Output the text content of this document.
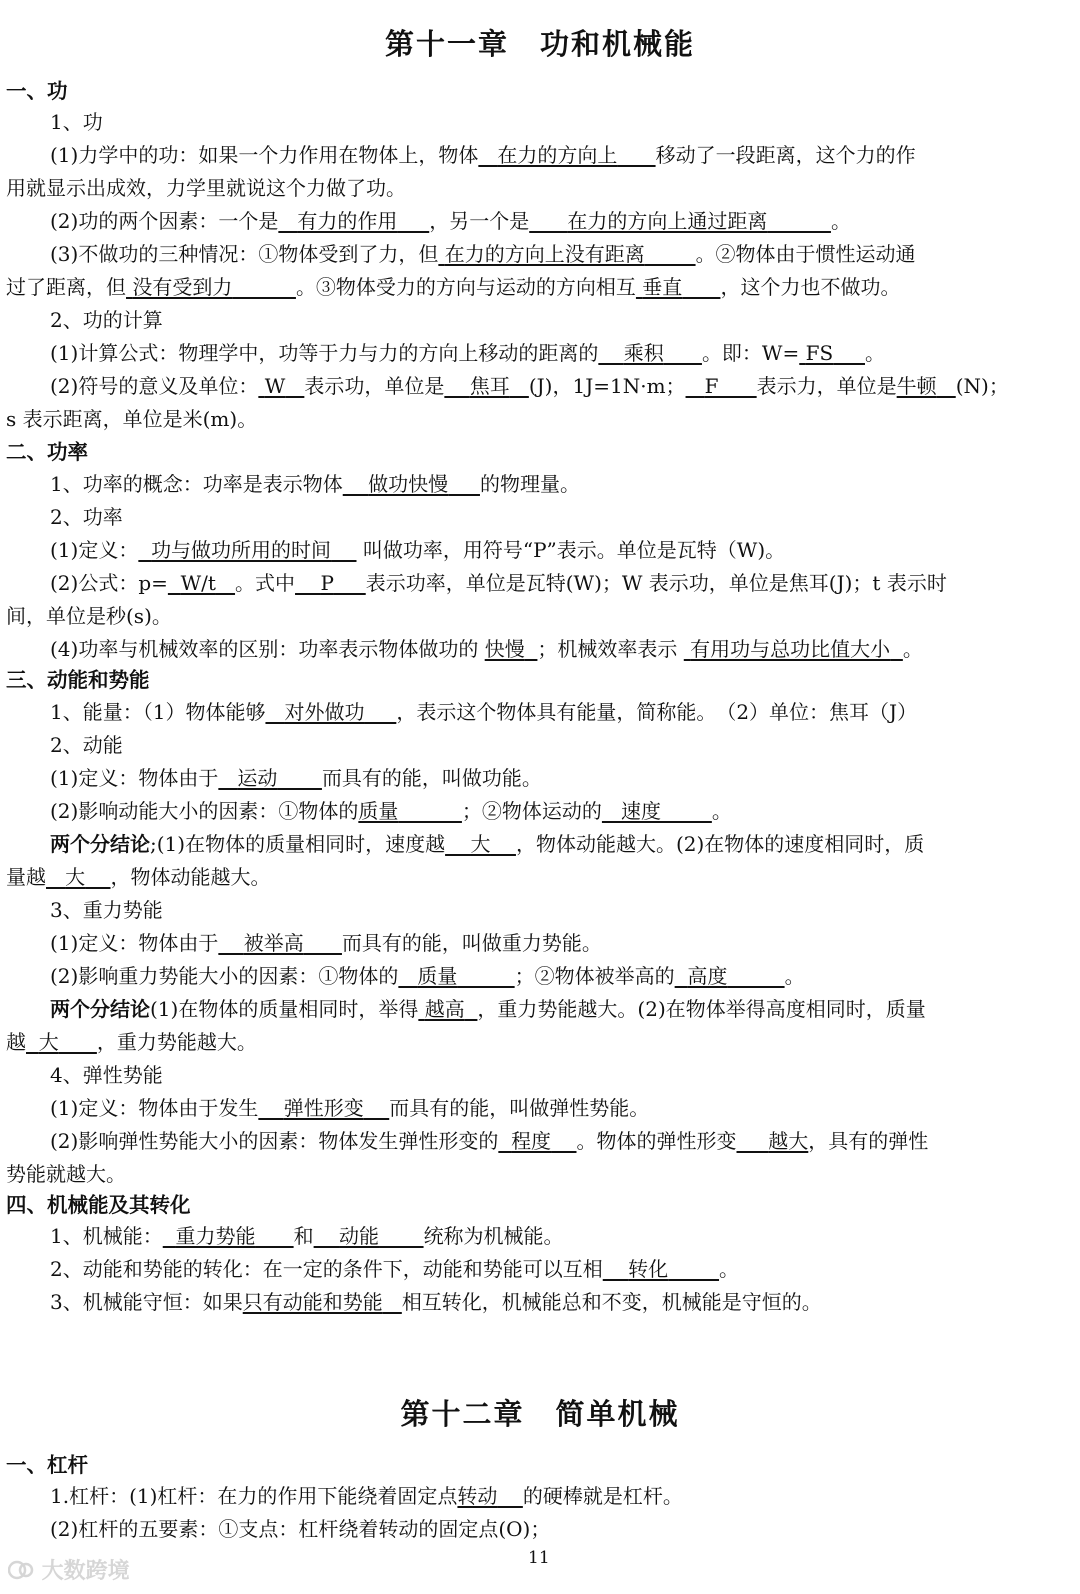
第十一章　功和机械能
一、功
1、功
(1)力学中的功：如果一个力作用在物体上，物体 在力的方向上 移动了一段距离，这个力的作
用就显示出成效，力学里就说这个力做了功。
(2)功的两个因素：一个是 有力的作用 ，另一个是 在力的方向上通过距离	。
(3)不做功的三种情况：①物体受到了力，但 在力的方向上没有距离	。②物体由于惯性运动通
过了距离，但 没有受到力	。③物体受力的方向与运动的方向相互 垂直 ，这个力也不做功。
2、功的计算
(1)计算公式：物理学中，功等于力与力的方向上移动的距离的 乘积 。即：W= FS 。
(2)符号的意义及单位： W 表示功，单位是 焦耳 (J)，1J=1N·m； F 表示力，单位是牛顿 (N)；
s 表示距离，单位是米(m)。
二、功率
1、功率的概念：功率是表示物体 做功快慢 的物理量。
2、功率
(1)定义： 功与做功所用的时间 叫做功率，用符号“P”表示。单位是瓦特（W)。
(2)公式：p= W/t 。式中 P 表示功率，单位是瓦特(W)；W 表示功，单位是焦耳(J)；t 表示时
间，单位是秒(s)。
(4)功率与机械效率的区别：功率表示物体做功的 快慢 ；机械效率表示 有用功与总功比值大小 。
三、动能和势能
1、能量：（1）物体能够 对外做功 ，表示这个物体具有能量，简称能。　（2）单位：焦耳（J）
2、动能
(1)定义：物体由于 运动 而具有的能，叫做功能。
(2)影响动能大小的因素：①物体的质量	；②物体运动的 速度	。
两个分结论;(1)在物体的质量相同时，速度越 大 ，物体动能越大。(2)在物体的速度相同时，质
量越 大 ，物体动能越大。
3、重力势能
(1)定义：物体由于 被举高 而具有的能，叫做重力势能。
(2)影响重力势能大小的因素：①物体的 质量	；②物体被举高的 高度	。
两个分结论(1)在物体的质量相同时，举得 越高 ，重力势能越大。(2)在物体举得高度相同时，质量
越 大 ，重力势能越大。
4、弹性势能
(1)定义：物体由于发生 弹性形变 而具有的能，叫做弹性势能。
(2)影响弹性势能大小的因素：物体发生弹性形变的 程度 。物体的弹性形变 越大，具有的弹性
势能就越大。
四、机械能及其转化
1、机械能： 重力势能 和 动能 统称为机械能。
2、动能和势能的转化：在一定的条件下，动能和势能可以互相 转化	。
3、机械能守恒：如果只有动能和势能 相互转化，机械能总和不变，机械能是守恒的。
第十二章　简单机械
一、杠杆
1.杠杆：(1)杠杆：在力的作用下能绕着固定点转动 的硬棒就是杠杆。
(2)杠杆的五要素：①支点：杠杆绕着转动的固定点(O)；
大数跨境
11
